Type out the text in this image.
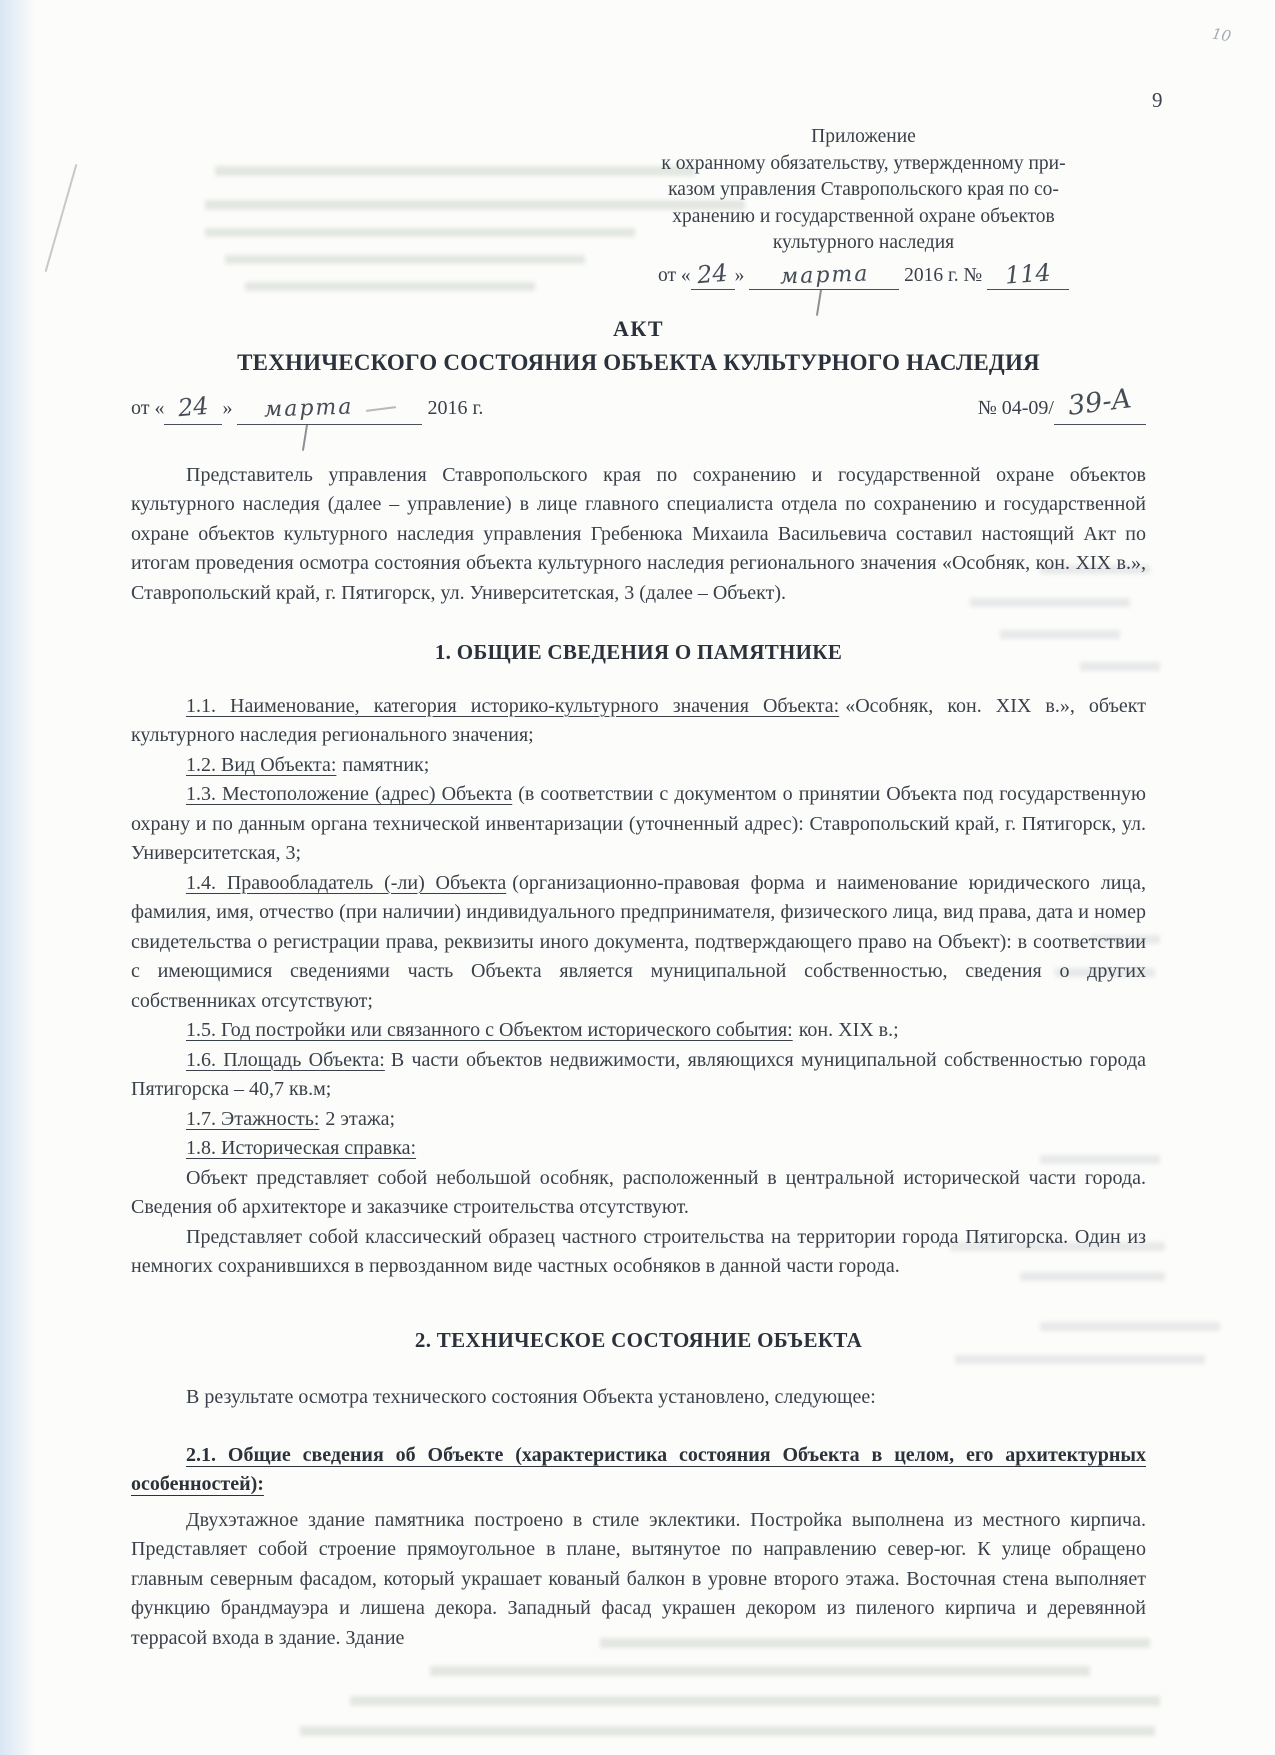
10
9
Приложение
к охранному обязательству, утвержденному при-
казом управления Ставропольского края по со-
хранению и государственной охране объектов
культурного наследия
от « 24 » марта 2016 г. № 114
АКТ
ТЕХНИЧЕСКОГО СОСТОЯНИЯ ОБЪЕКТА КУЛЬТУРНОГО НАСЛЕДИЯ
от « 24 » марта	2016 г.	№ 04-09/ 39-А

Представитель управления Ставропольского края по сохранению и государственной охране объектов культурного наследия (далее – управление) в лице главного специалиста отдела по сохранению и государственной охране объектов культурного наследия управления Гребенюка Михаила Васильевича составил настоящий Акт по итогам проведения осмотра состояния объекта культурного наследия регионального значения «Особняк, кон. XIX в.», Ставропольский край, г. Пятигорск, ул. Университетская, 3 (далее – Объект).

1. ОБЩИЕ СВЕДЕНИЯ О ПАМЯТНИКЕ

1.1. Наименование, категория историко-культурного значения Объекта: «Особняк, кон. XIX в.», объект культурного наследия регионального значения;

1.2. Вид Объекта: памятник;

1.3. Местоположение (адрес) Объекта (в соответствии с документом о принятии Объекта под государственную охрану и по данным органа технической инвентаризации (уточненный адрес): Ставропольский край, г. Пятигорск, ул. Университетская, 3;

1.4. Правообладатель (-ли) Объекта (организационно-правовая форма и наименование юридического лица, фамилия, имя, отчество (при наличии) индивидуального предпринимателя, физического лица, вид права, дата и номер свидетельства о регистрации права, реквизиты иного документа, подтверждающего право на Объект): в соответствии с имеющимися сведениями часть Объекта является муниципальной собственностью, сведения о других собственниках отсутствуют;

1.5. Год постройки или связанного с Объектом исторического события: кон. XIX в.;

1.6. Площадь Объекта: В части объектов недвижимости, являющихся муниципальной собственностью города Пятигорска – 40,7 кв.м;

1.7. Этажность: 2 этажа;

1.8. Историческая справка:

Объект представляет собой небольшой особняк, расположенный в центральной исторической части города. Сведения об архитекторе и заказчике строительства отсутствуют.

Представляет собой классический образец частного строительства на территории города Пятигорска. Один из немногих сохранившихся в первозданном виде частных особняков в данной части города.

2. ТЕХНИЧЕСКОЕ СОСТОЯНИЕ ОБЪЕКТА

В результате осмотра технического состояния Объекта установлено, следующее:

2.1. Общие сведения об Объекте (характеристика состояния Объекта в целом, его архитектурных особенностей):

Двухэтажное здание памятника построено в стиле эклектики. Постройка выполнена из местного кирпича. Представляет собой строение прямоугольное в плане, вытянутое по направлению север-юг. К улице обращено главным северным фасадом, который украшает кованый балкон в уровне второго этажа. Восточная стена выполняет функцию брандмауэра и лишена декора. Западный фасад украшен декором из пиленого кирпича и деревянной террасой входа в здание. Здание
